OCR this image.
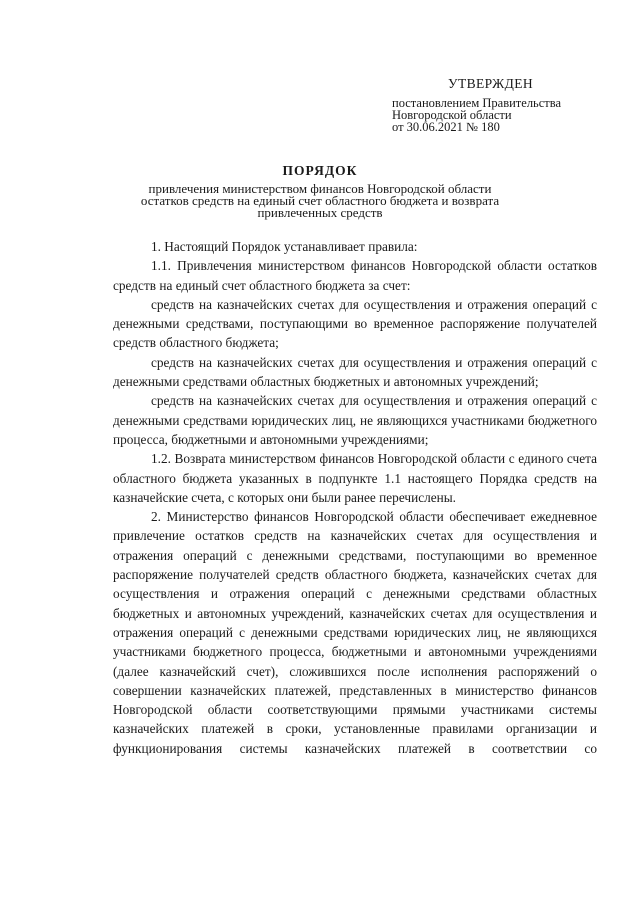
УТВЕРЖДЕН
постановлением Правительства
Новгородской области
от 30.06.2021 № 180
ПОРЯДОК
привлечения министерством финансов Новгородской области
остатков средств на единый счет областного бюджета и возврата
привлеченных средств

1. Настоящий Порядок устанавливает правила:

1.1. Привлечения министерством финансов Новгородской области остатков средств на единый счет областного бюджета за счет:

средств на казначейских счетах для осуществления и отражения операций с денежными средствами, поступающими во временное распоряжение получателей средств областного бюджета;

средств на казначейских счетах для осуществления и отражения операций с денежными средствами областных бюджетных и автономных учреждений;

средств на казначейских счетах для осуществления и отражения операций с денежными средствами юридических лиц, не являющихся участниками бюджетного процесса, бюджетными и автономными учреждениями;

1.2. Возврата министерством финансов Новгородской области с единого счета областного бюджета указанных в подпункте 1.1 настоящего Порядка средств на казначейские счета, с которых они были ранее перечислены.

2. Министерство финансов Новгородской области обеспечивает ежедневное привлечение остатков средств на казначейских счетах для осуществления и отражения операций с денежными средствами, поступающими во временное распоряжение получателей средств областного бюджета, казначейских счетах для осуществления и отражения операций с денежными средствами областных бюджетных и автономных учреждений, казначейских счетах для осуществления и отражения операций с денежными средствами юридических лиц, не являющихся участниками бюджетного процесса, бюджетными и автономными учреждениями (далее казначейский счет), сложившихся после исполнения распоряжений о совершении казначейских платежей, представленных в министерство финансов Новгородской области соответствующими прямыми участниками системы казначейских платежей в сроки, установленные правилами организации и функционирования системы казначейских платежей в соответствии со
